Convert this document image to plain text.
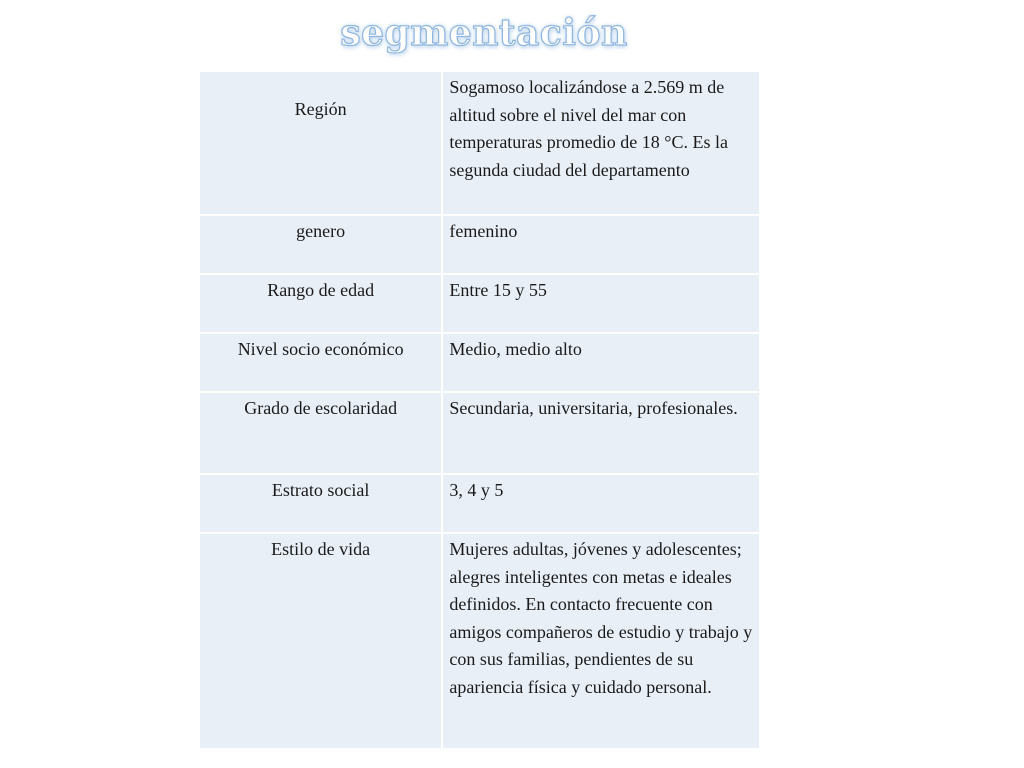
segmentación
Región	Sogamoso localizándose a 2.569 m de altitud sobre el nivel del mar con temperaturas promedio de 18 °C. Es la segunda ciudad del departamento
genero	femenino
Rango de edad	Entre 15 y 55
Nivel socio económico	Medio, medio alto
Grado de escolaridad	Secundaria, universitaria, profesionales.
Estrato social	3, 4 y 5
Estilo de vida	Mujeres adultas, jóvenes y adolescentes; alegres inteligentes con metas e ideales definidos. En contacto frecuente con amigos compañeros de estudio y trabajo y con sus familias, pendientes de su apariencia física y cuidado personal.
